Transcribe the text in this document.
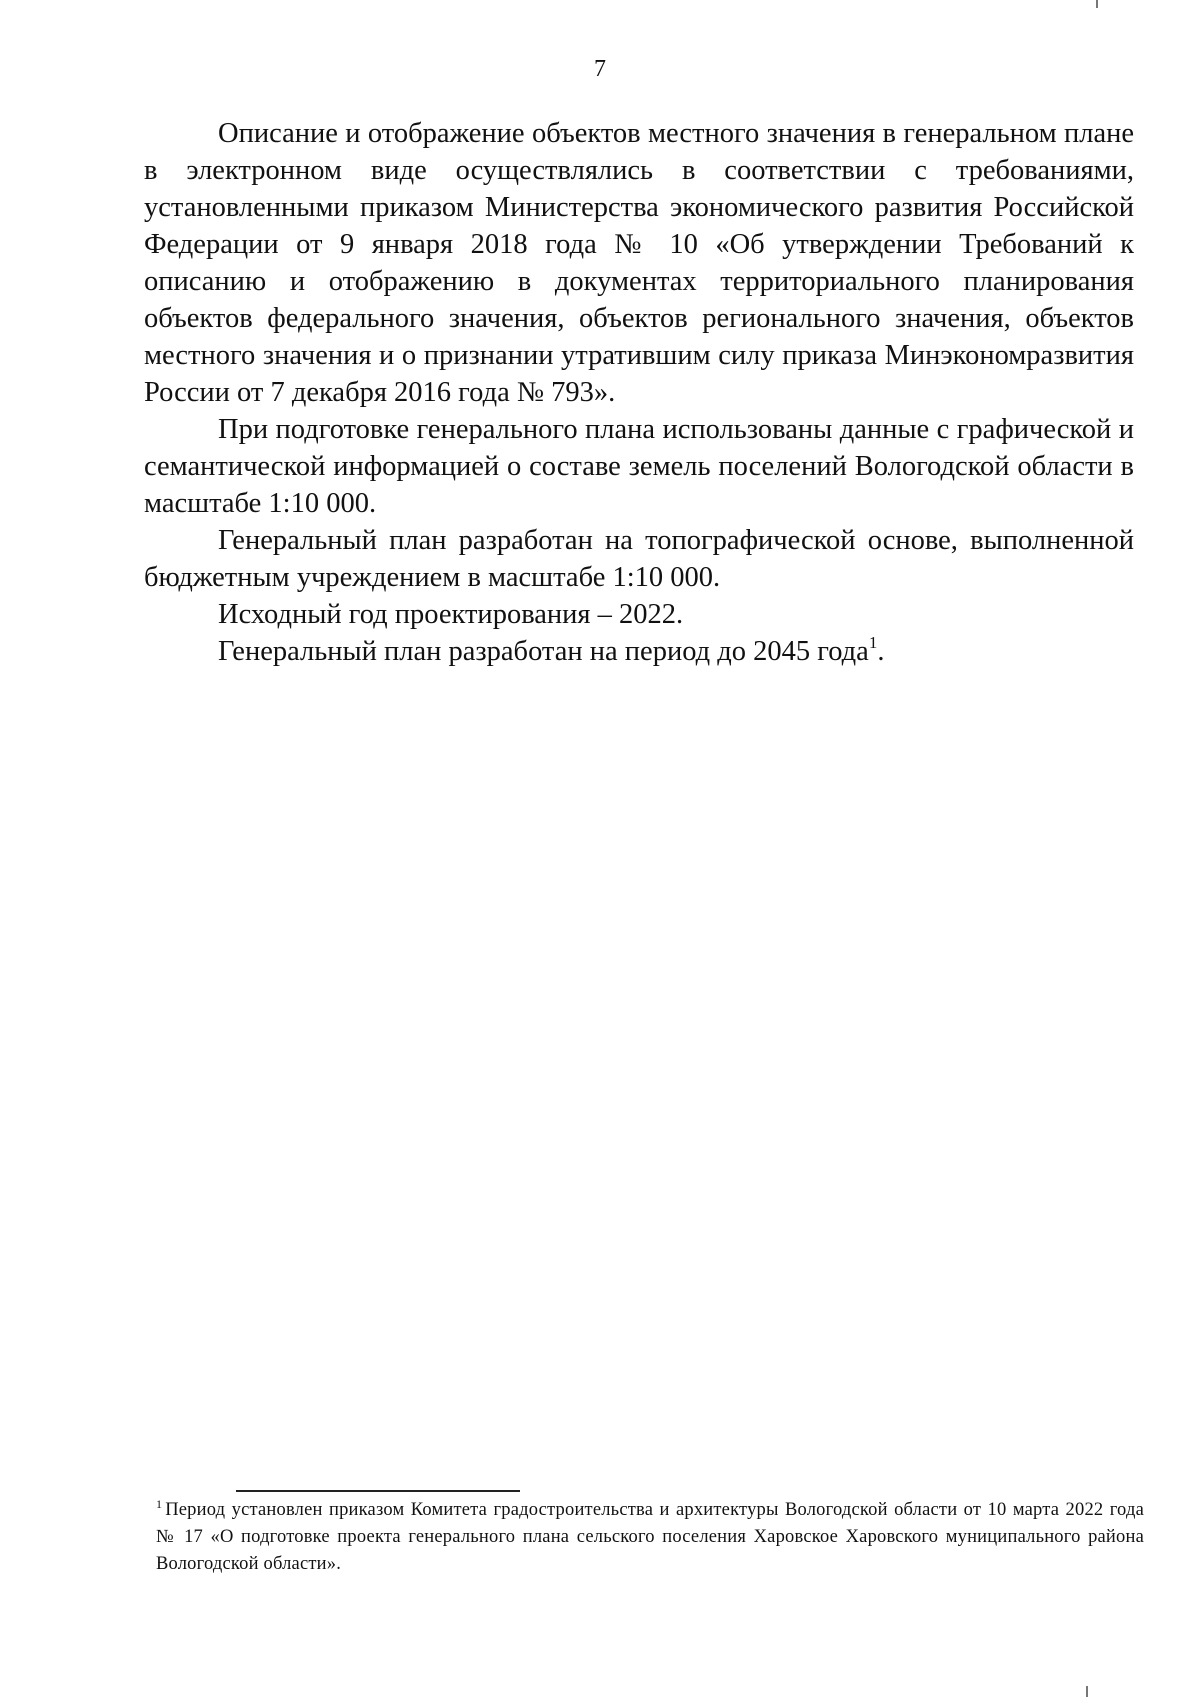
7

Описание и отображение объектов местного значения в генеральном плане в электронном виде осуществлялись в соответствии с требованиями, установленными приказом Министерства экономического развития Российской Федерации от 9 января 2018 года № 10 «Об утверждении Требований к описанию и отображению в документах территориального планирования объектов федерального значения, объектов регионального значения, объектов местного значения и о признании утратившим силу приказа Минэкономразвития России от 7 декабря 2016 года № 793».

При подготовке генерального плана использованы данные с графической и семантической информацией о составе земель поселений Вологодской области в масштабе 1:10 000.

Генеральный план разработан на топографической основе, выполненной бюджетным учреждением в масштабе 1:10 000.

Исходный год проектирования – 2022.

Генеральный план разработан на период до 2045 года$^1$.

$^1$ Период установлен приказом Комитета градостроительства и архитектуры Вологодской области от 10 марта 2022 года № 17 «О подготовке проекта генерального плана сельского поселения Харовское Харовского муниципального района Вологодской области».
